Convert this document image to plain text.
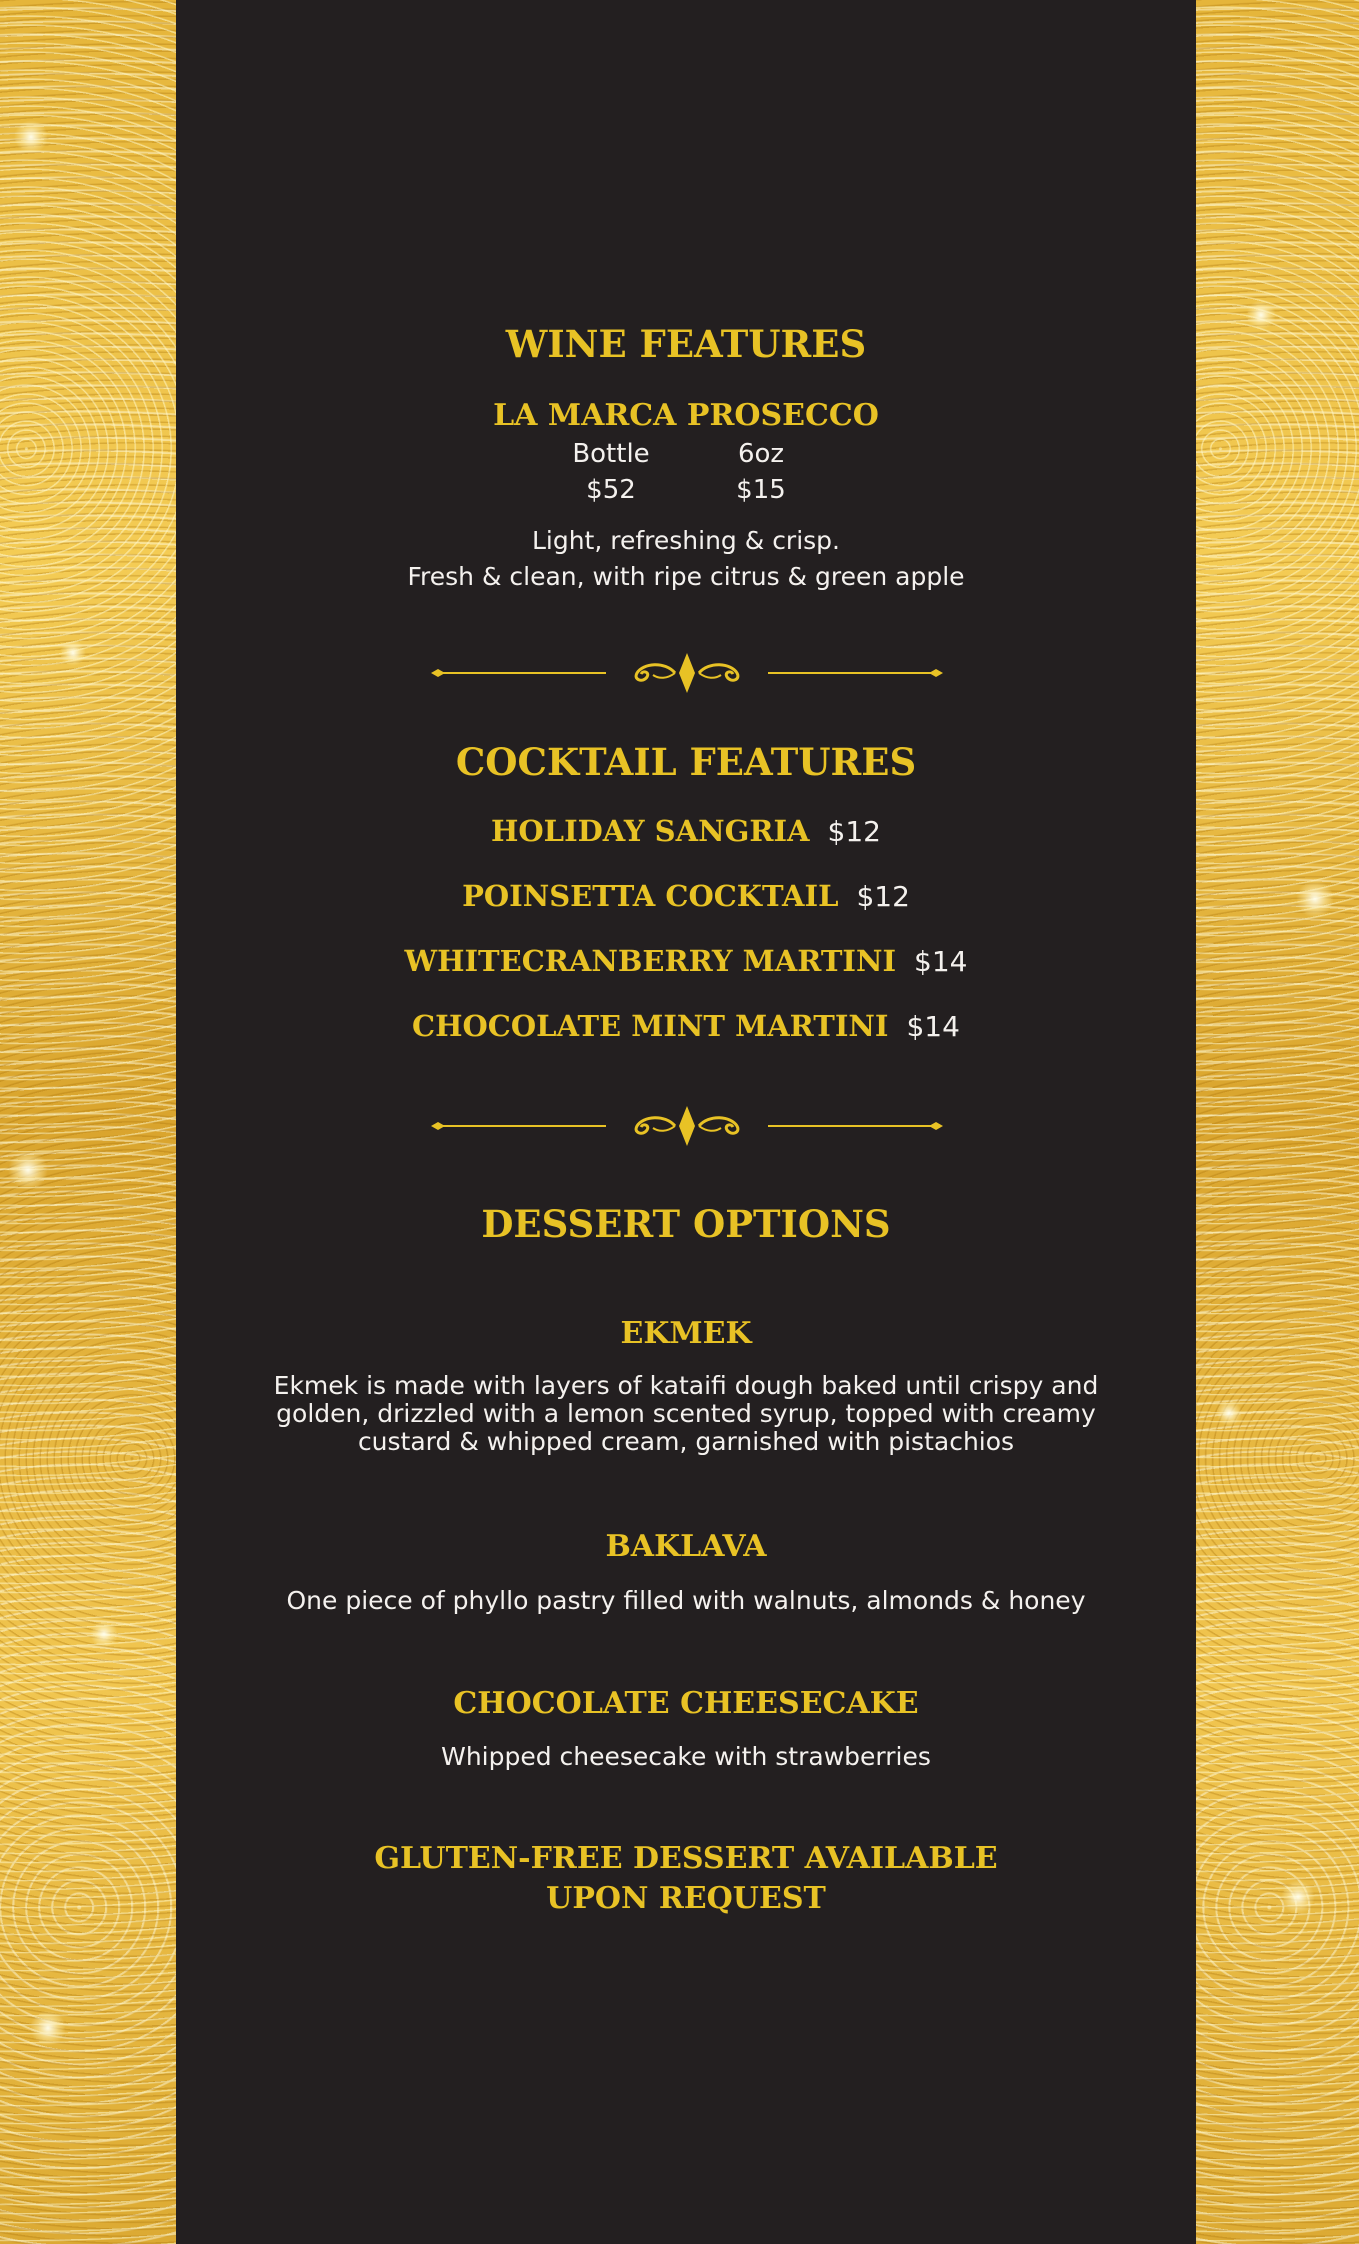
WINE FEATURES
LA MARCA PROSECCO
Bottle
$52
6oz
$15
Light, refreshing & crisp.
Fresh & clean, with ripe citrus & green apple
COCKTAIL FEATURES
HOLIDAY SANGRIA $12
POINSETTA COCKTAIL $12
WHITECRANBERRY MARTINI $14
CHOCOLATE MINT MARTINI $14
DESSERT OPTIONS
EKMEK
Ekmek is made with layers of kataifi dough baked until crispy and
golden, drizzled with a lemon scented syrup, topped with creamy
custard & whipped cream, garnished with pistachios
BAKLAVA
One piece of phyllo pastry filled with walnuts, almonds & honey
CHOCOLATE CHEESECAKE
Whipped cheesecake with strawberries
GLUTEN-FREE DESSERT AVAILABLE
UPON REQUEST
